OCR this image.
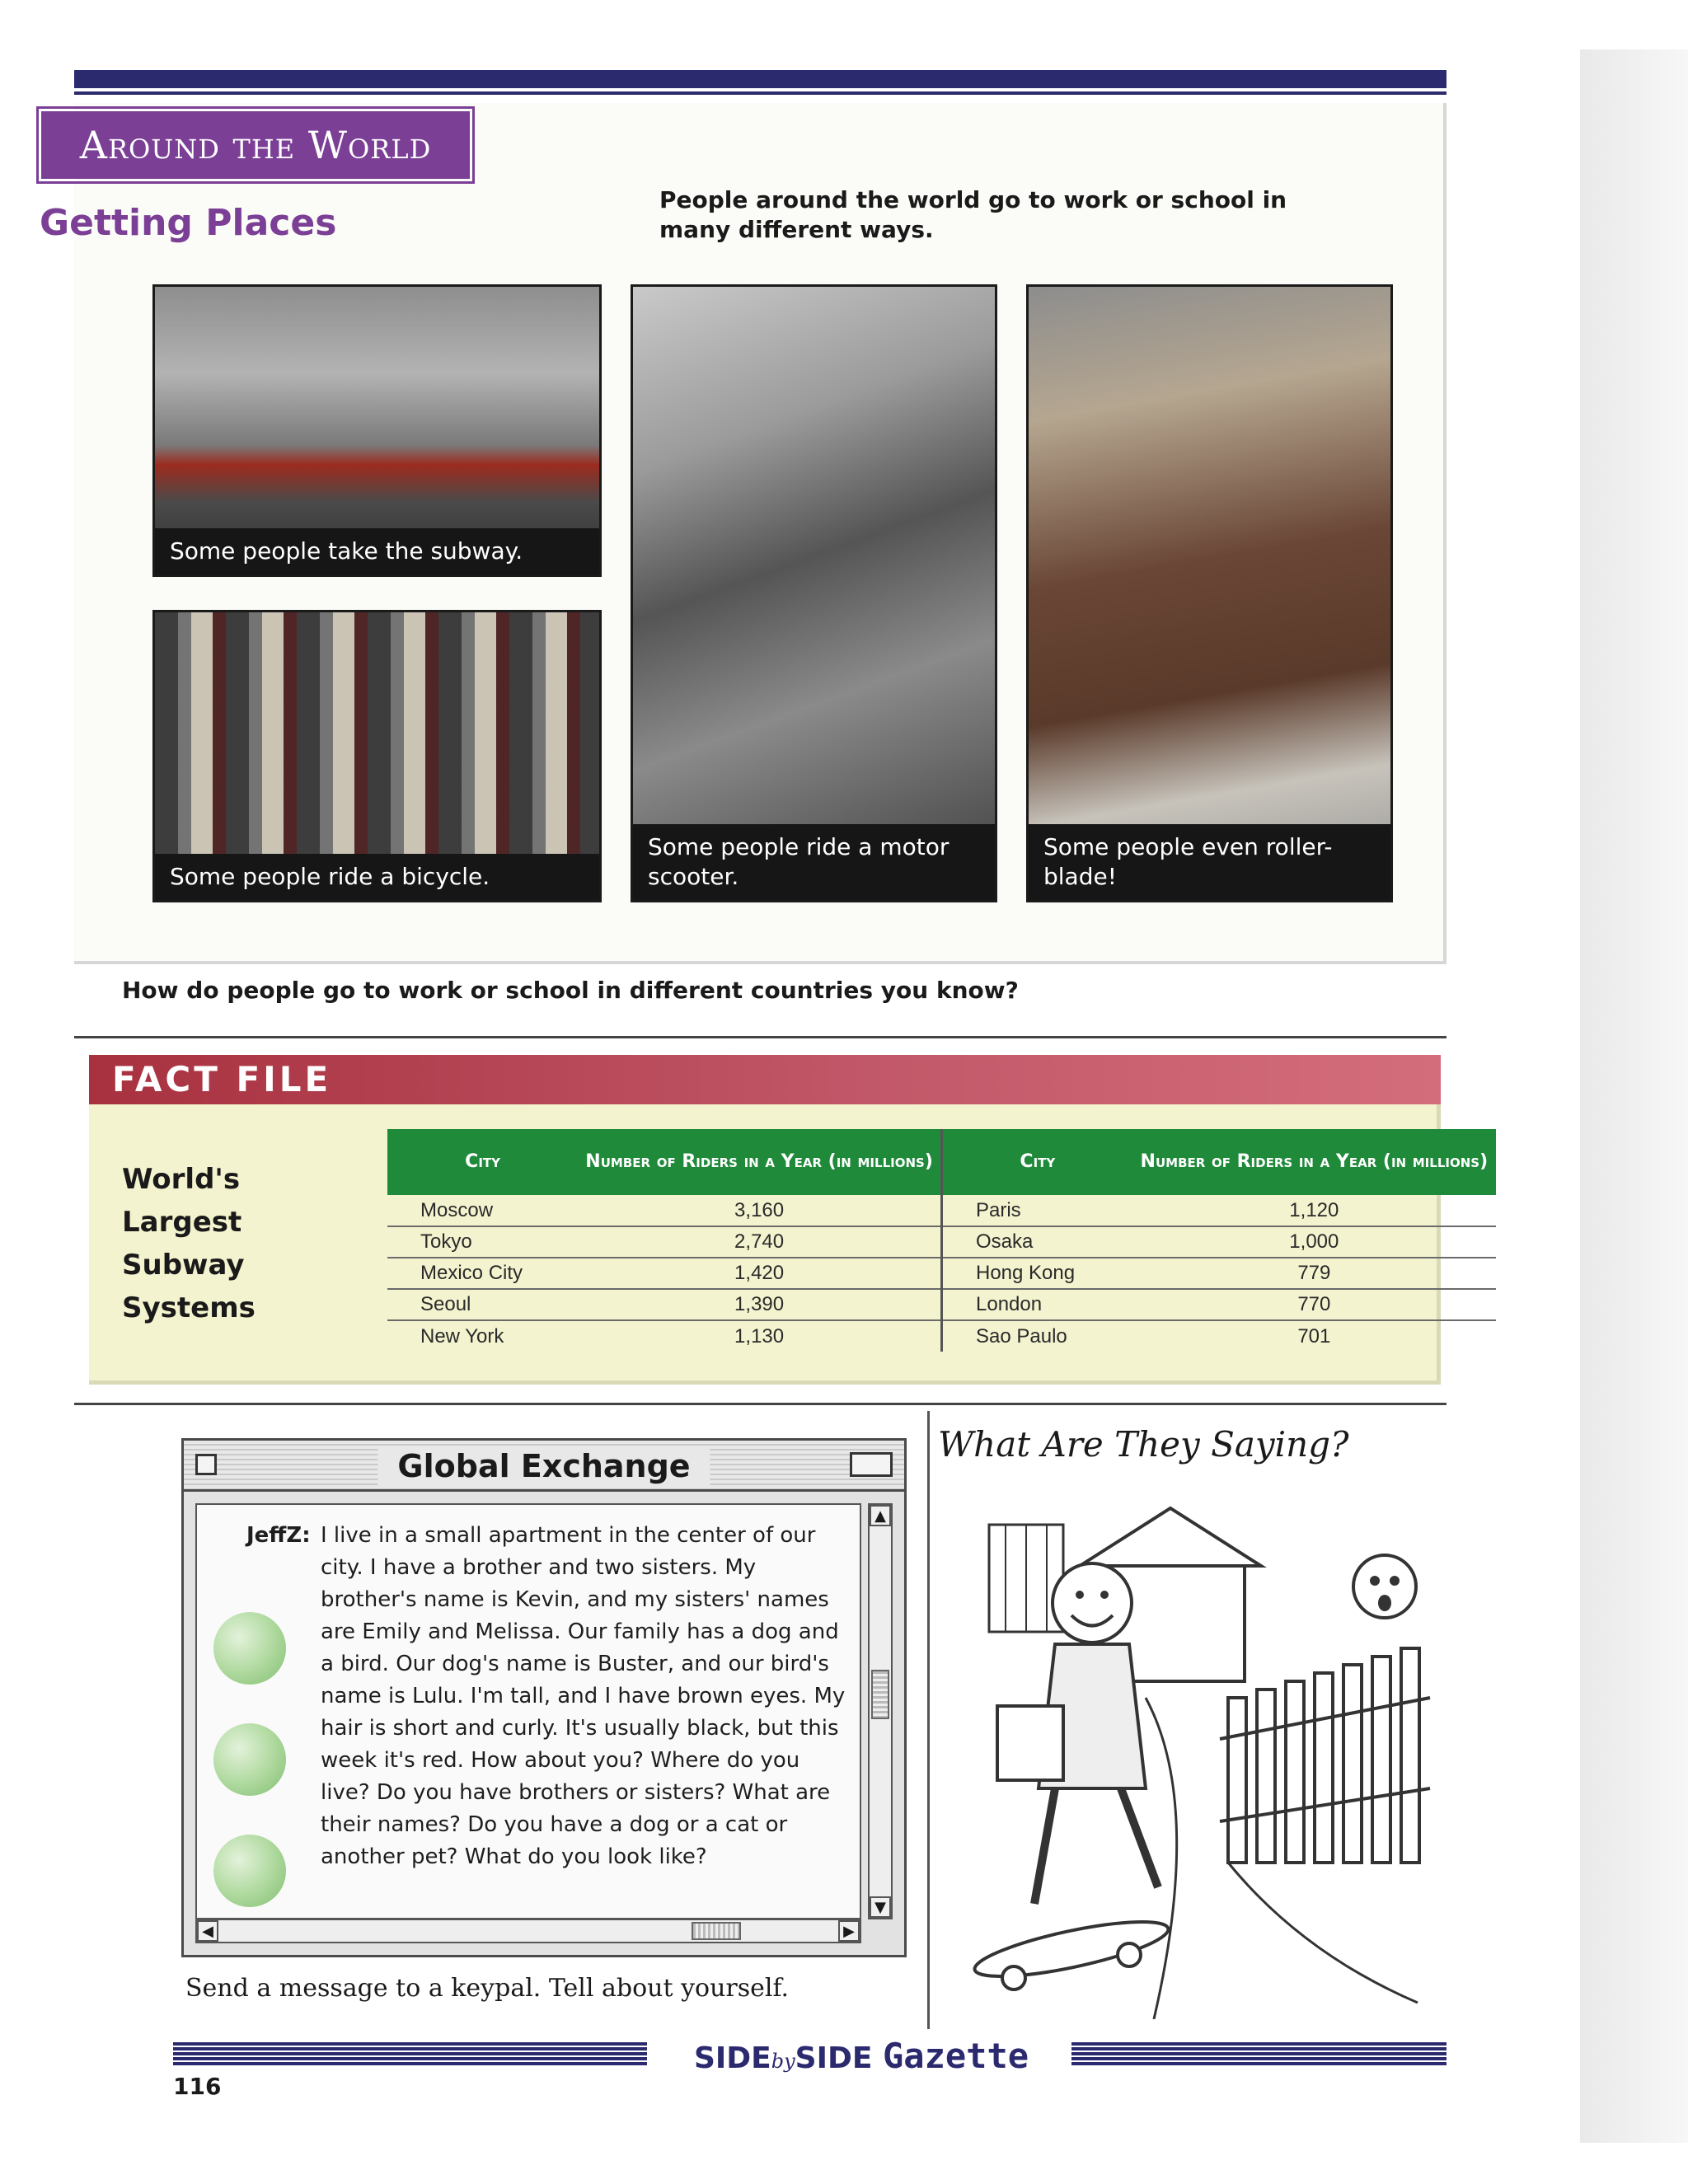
Around the World
Getting Places
People around the world go to work or school in many different ways.
Some people take the subway.
Some people ride a bicycle.
Some people ride a motor scooter.
Some people even roller-blade!
How do people go to work or school in different countries you know?
FACT FILE
World's
Largest
Subway
Systems
City	Number of Riders in a Year (in millions)	City	Number of Riders in a Year (in millions)
Moscow	3,160	Paris	1,120
Tokyo	2,740	Osaka	1,000
Mexico City	1,420	Hong Kong	779
Seoul	1,390	London	770
New York	1,130	Sao Paulo	701
Global Exchange
JeffZ: I live in a small apartment in the center of our city. I have a brother and two sisters. My brother's name is Kevin, and my sisters' names are Emily and Melissa. Our family has a dog and a bird. Our dog's name is Buster, and our bird's name is Lulu. I'm tall, and I have brown eyes. My hair is short and curly. It's usually black, but this week it's red. How about you? Where do you live? Do you have brothers or sisters? What are their names? Do you have a dog or a cat or another pet? What do you look like?
▲
▼
◀	▶
Send a message to a keypal. Tell about yourself.
What Are They Saying?
SIDEbySIDE Gazette
116
